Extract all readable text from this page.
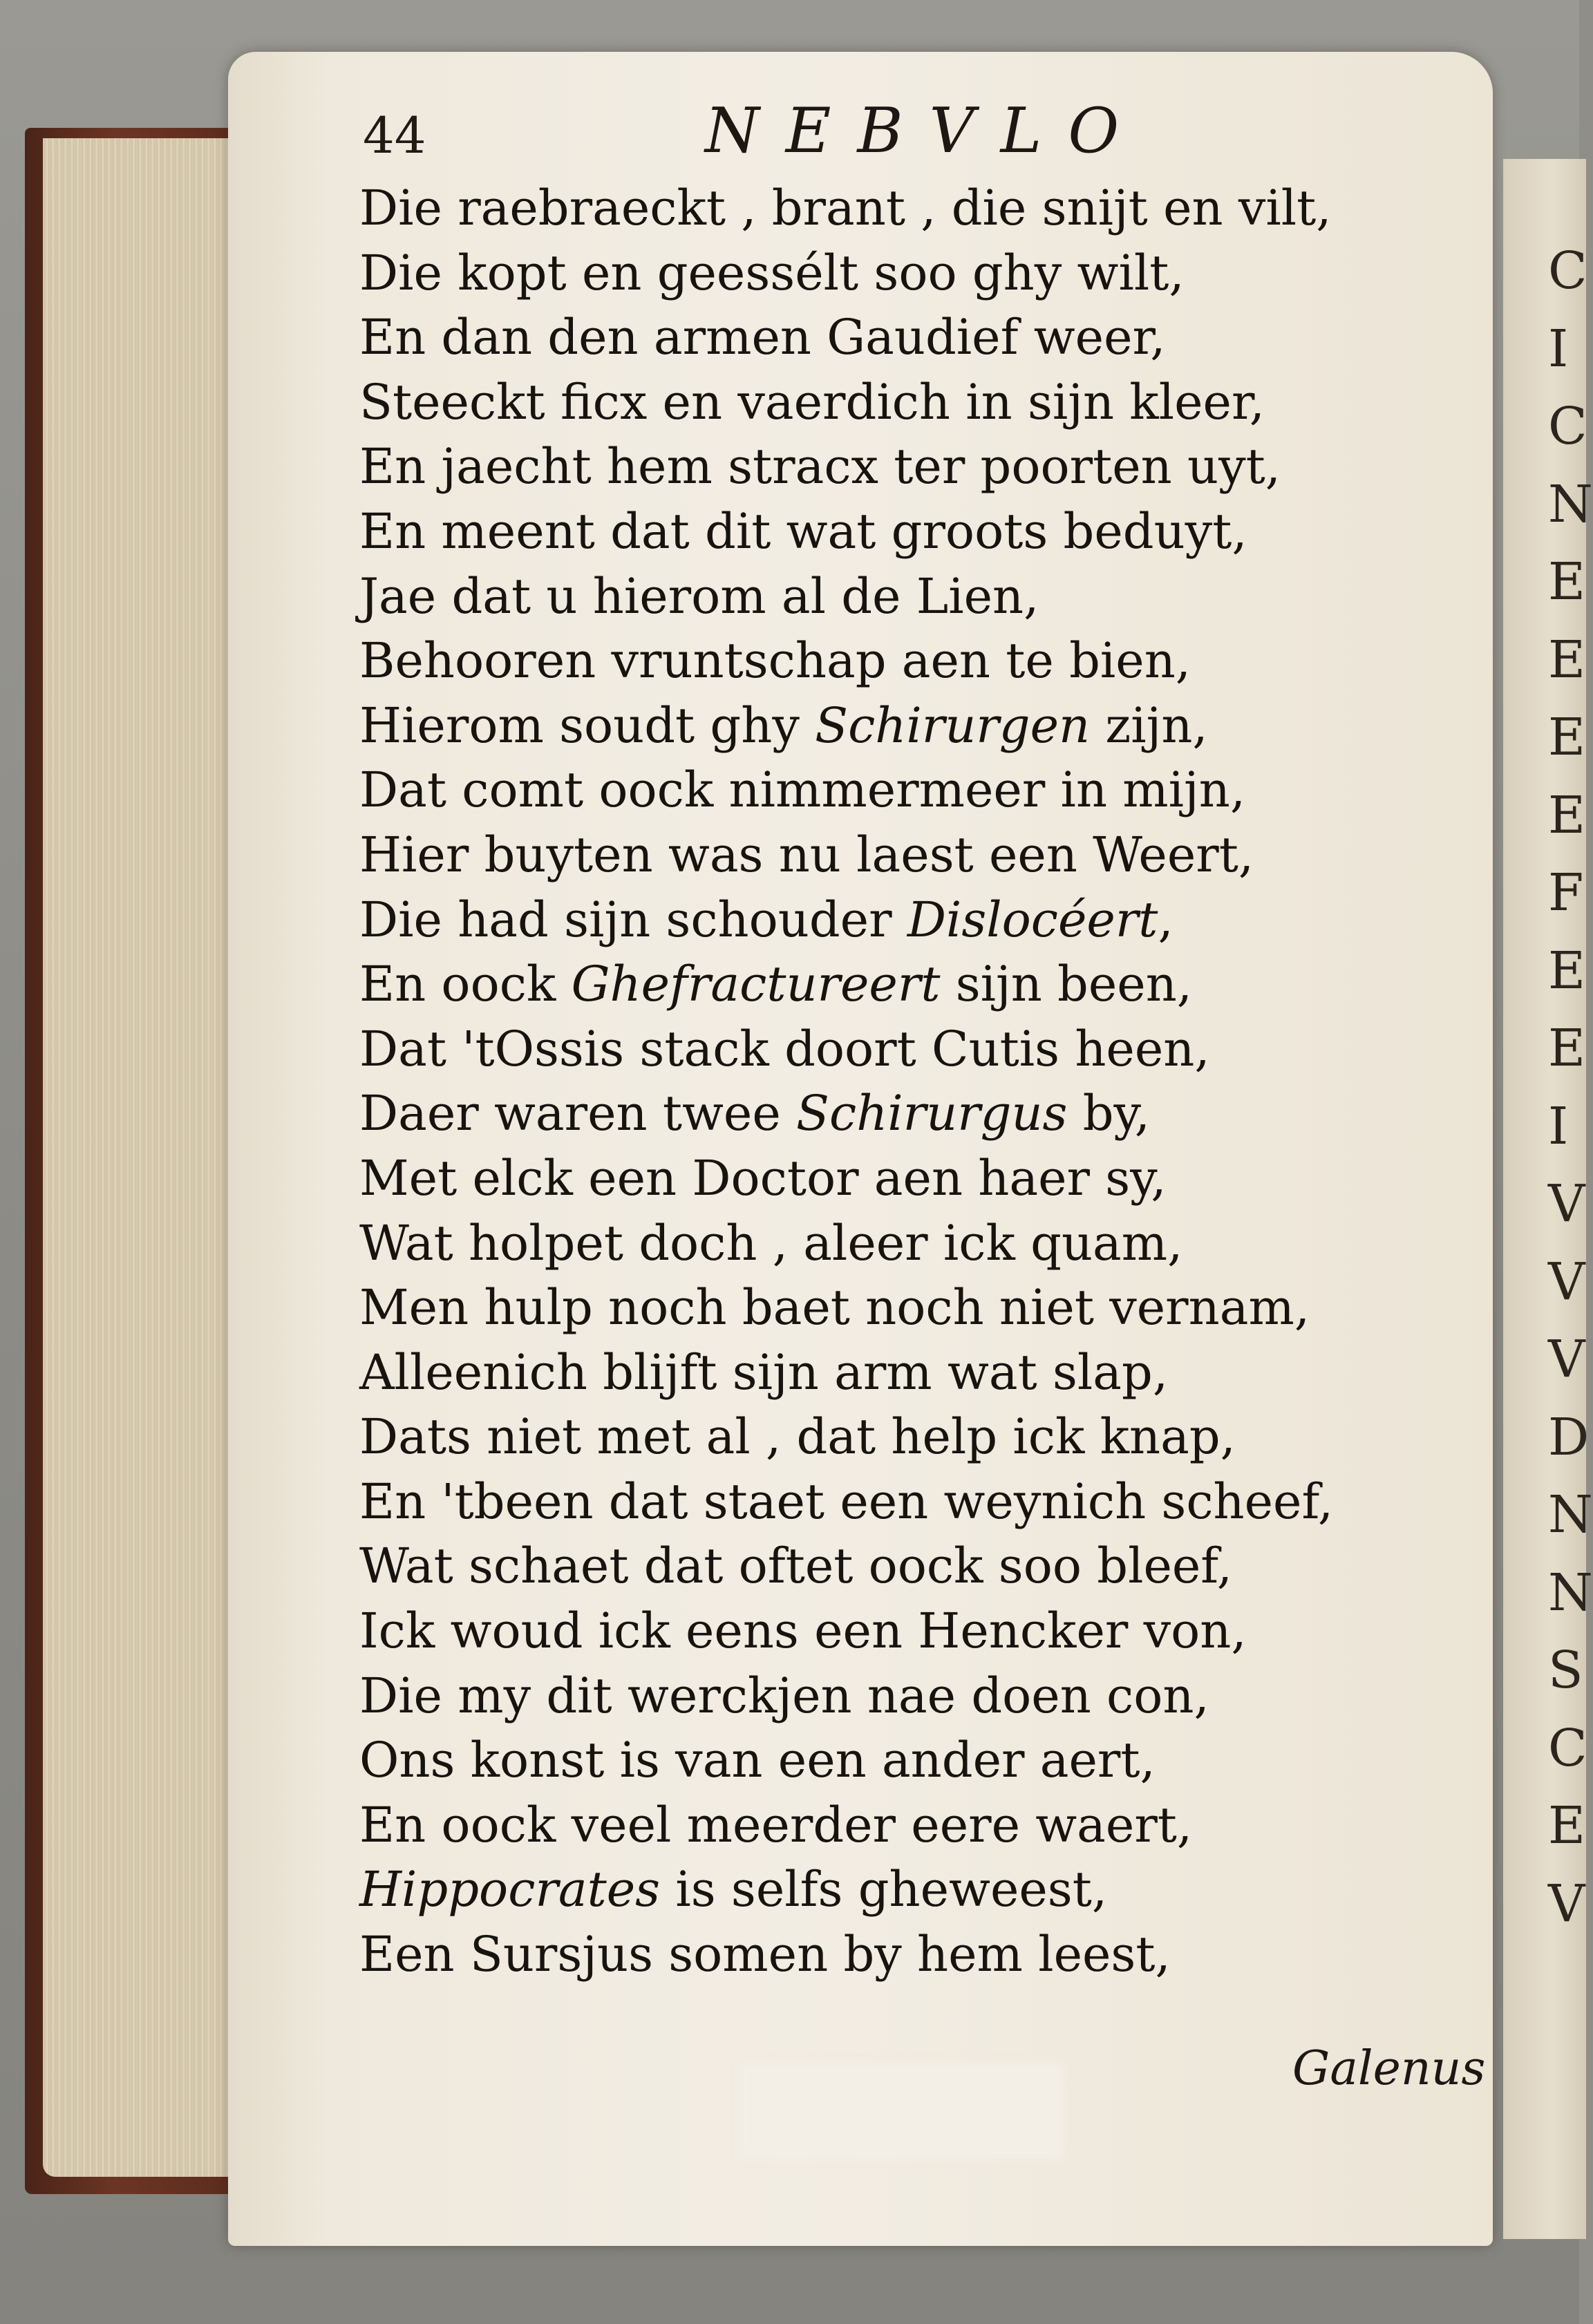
C
I
C
N
E
E
E
E
F
E
E
I
V
V
V
D
N
N
S
C
E
V
44	NEBVLO
Die raebraeckt , brant , die snijt en vilt,
Die kopt en geessélt soo ghy wilt,
En dan den armen Gaudief weer,
Steeckt ficx en vaerdich in sijn kleer,
En jaecht hem stracx ter poorten uyt,
En meent dat dit wat groots beduyt,
Jae dat u hierom al de Lien,
Behooren vruntschap aen te bien,
Hierom soudt ghy Schirurgen zijn,
Dat comt oock nimmermeer in mijn,
Hier buyten was nu laest een Weert,
Die had sijn schouder Dislocéert,
En oock Ghefractureert sijn been,
Dat 'tOssis stack doort Cutis heen,
Daer waren twee Schirurgus by,
Met elck een Doctor aen haer sy,
Wat holpet doch , aleer ick quam,
Men hulp noch baet noch niet vernam,
Alleenich blijft sijn arm wat slap,
Dats niet met al , dat help ick knap,
En 'tbeen dat staet een weynich scheef,
Wat schaet dat oftet oock soo bleef,
Ick woud ick eens een Hencker von,
Die my dit werckjen nae doen con,
Ons konst is van een ander aert,
En oock veel meerder eere waert,
Hippocrates is selfs gheweest,
Een Sursjus somen by hem leest,
Galenus
